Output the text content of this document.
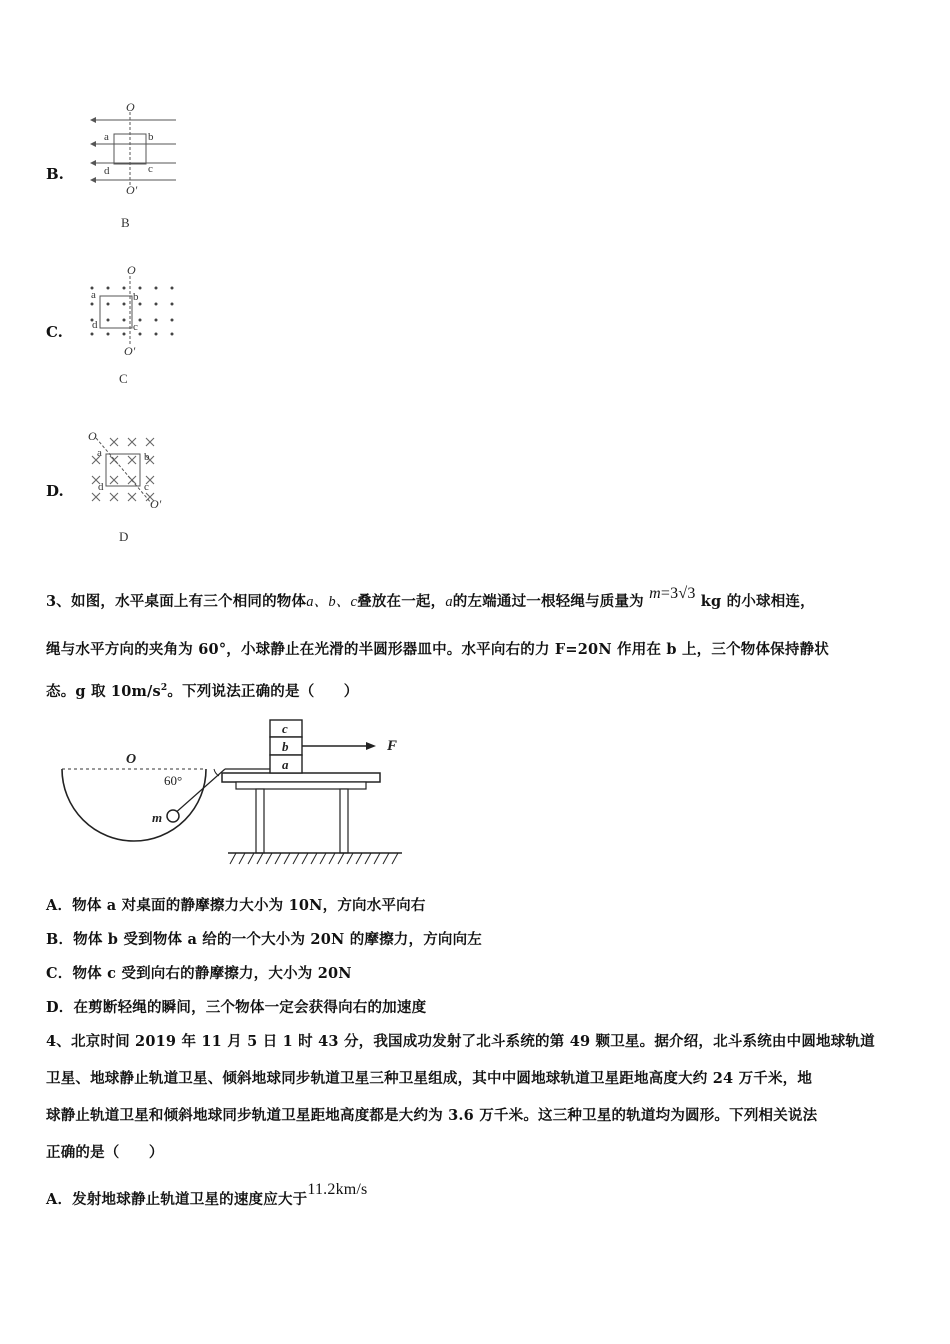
B.
O
O'
a	b
c
d
B
C.
O
O'
a	b
c
d
C
D.
O
O'
a	b
c
d
D
3、如图，水平桌面上有三个相同的物体a、b、c叠放在一起，a的左端通过一根轻绳与质量为 m=3√3 kg 的小球相连，
绳与水平方向的夹角为 60°，小球静止在光滑的半圆形器皿中。水平向右的力 F=20N 作用在 b 上，三个物体保持静状
态。g 取 $10m/s^2$。下列说法正确的是（　　）
O
60°
m
F
c
b
a
A．物体 a 对桌面的静摩擦力大小为 10N，方向水平向右
B．物体 b 受到物体 a 给的一个大小为 20N 的摩擦力，方向向左
C．物体 c 受到向右的静摩擦力，大小为 20N
D．在剪断轻绳的瞬间，三个物体一定会获得向右的加速度
4、北京时间 2019 年 11 月 5 日 1 时 43 分，我国成功发射了北斗系统的第 49 颗卫星。据介绍，北斗系统由中圆地球轨道
卫星、地球静止轨道卫星、倾斜地球同步轨道卫星三种卫星组成，其中中圆地球轨道卫星距地高度大约 24 万千米，地
球静止轨道卫星和倾斜地球同步轨道卫星距地高度都是大约为 3.6 万千米。这三种卫星的轨道均为圆形。下列相关说法
正确的是（　　）
A．发射地球静止轨道卫星的速度应大于11.2km/s
